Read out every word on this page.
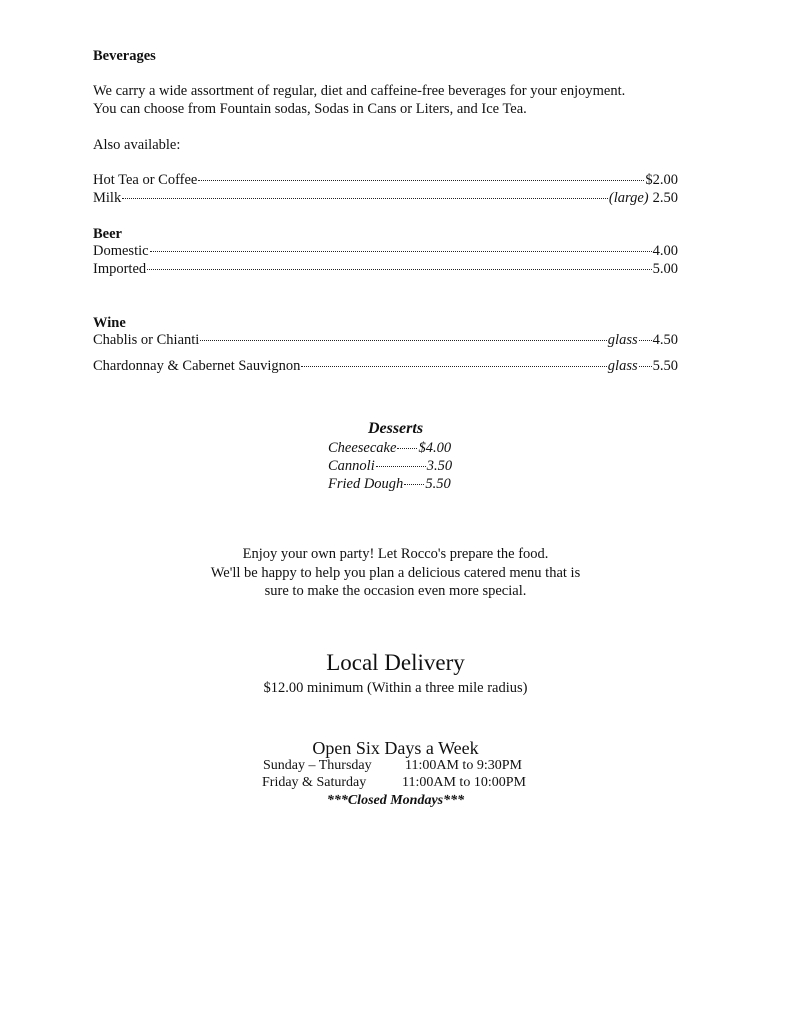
Beverages
We carry a wide assortment of regular, diet and caffeine-free beverages for your enjoyment.
You can choose from Fountain sodas, Sodas in Cans or Liters, and Ice Tea.
Also available:
Hot Tea or Coffee	$2.00
Milk	(large) 2.50
Beer
Domestic	4.00
Imported	5.00
Wine
Chablis or Chianti	glass 4.50
Chardonnay & Cabernet Sauvignon	glass 5.50
Desserts
Cheesecake $4.00
Cannoli	3.50
Fried Dough 5.50
Enjoy your own party! Let Rocco's prepare the food.
We'll be happy to help you plan a delicious catered menu that is
sure to make the occasion even more special.
Local Delivery
$12.00 minimum (Within a three mile radius)
Open Six Days a Week
Sunday – Thursday 11:00AM to 9:30PM
Friday & Saturday	11:00AM to 10:00PM
***Closed Mondays***
